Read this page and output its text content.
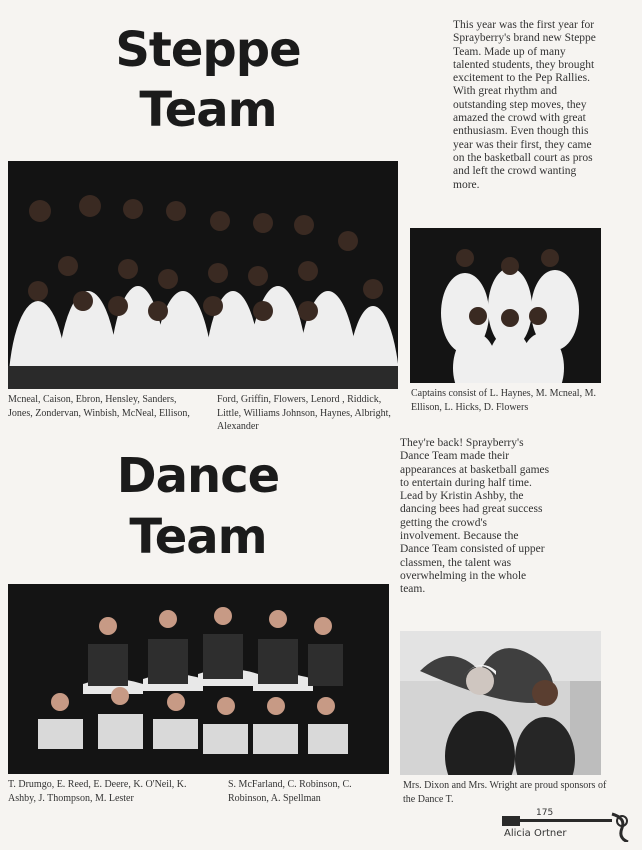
Steppe
Team
This year was the first year for Sprayberry's brand new Steppe Team. Made up of many talented students, they brought excitement to the Pep Rallies. With great rhythm and outstanding step moves, they amazed the crowd with great enthusiasm. Even though this year was their first, they came on the basketball court as pros and left the crowd wanting more.
Mcneal, Caison, Ebron, Hensley, Sanders, Jones, Zondervan, Winbish, McNeal, Ellison,
Ford, Griffin, Flowers, Lenord , Riddick, Little, Williams Johnson, Haynes, Albright, Alexander
Captains consist of L. Haynes, M. Mcneal, M. Ellison, L. Hicks, D. Flowers
Dance
Team
They're back! Sprayberry's Dance Team made their appearances at basketball games to entertain during half time. Lead by Kristin Ashby, the dancing bees had great success getting the crowd's involvement. Because the Dance Team consisted of upper classmen, the talent was overwhelming in the whole team.
T. Drumgo, E. Reed, E. Deere, K. O'Neil, K. Ashby, J. Thompson, M. Lester
S. McFarland, C. Robinson, C. Robinson, A. Spellman
Mrs. Dixon and Mrs. Wright are proud sponsors of the Dance T.
175
Alicia Ortner
